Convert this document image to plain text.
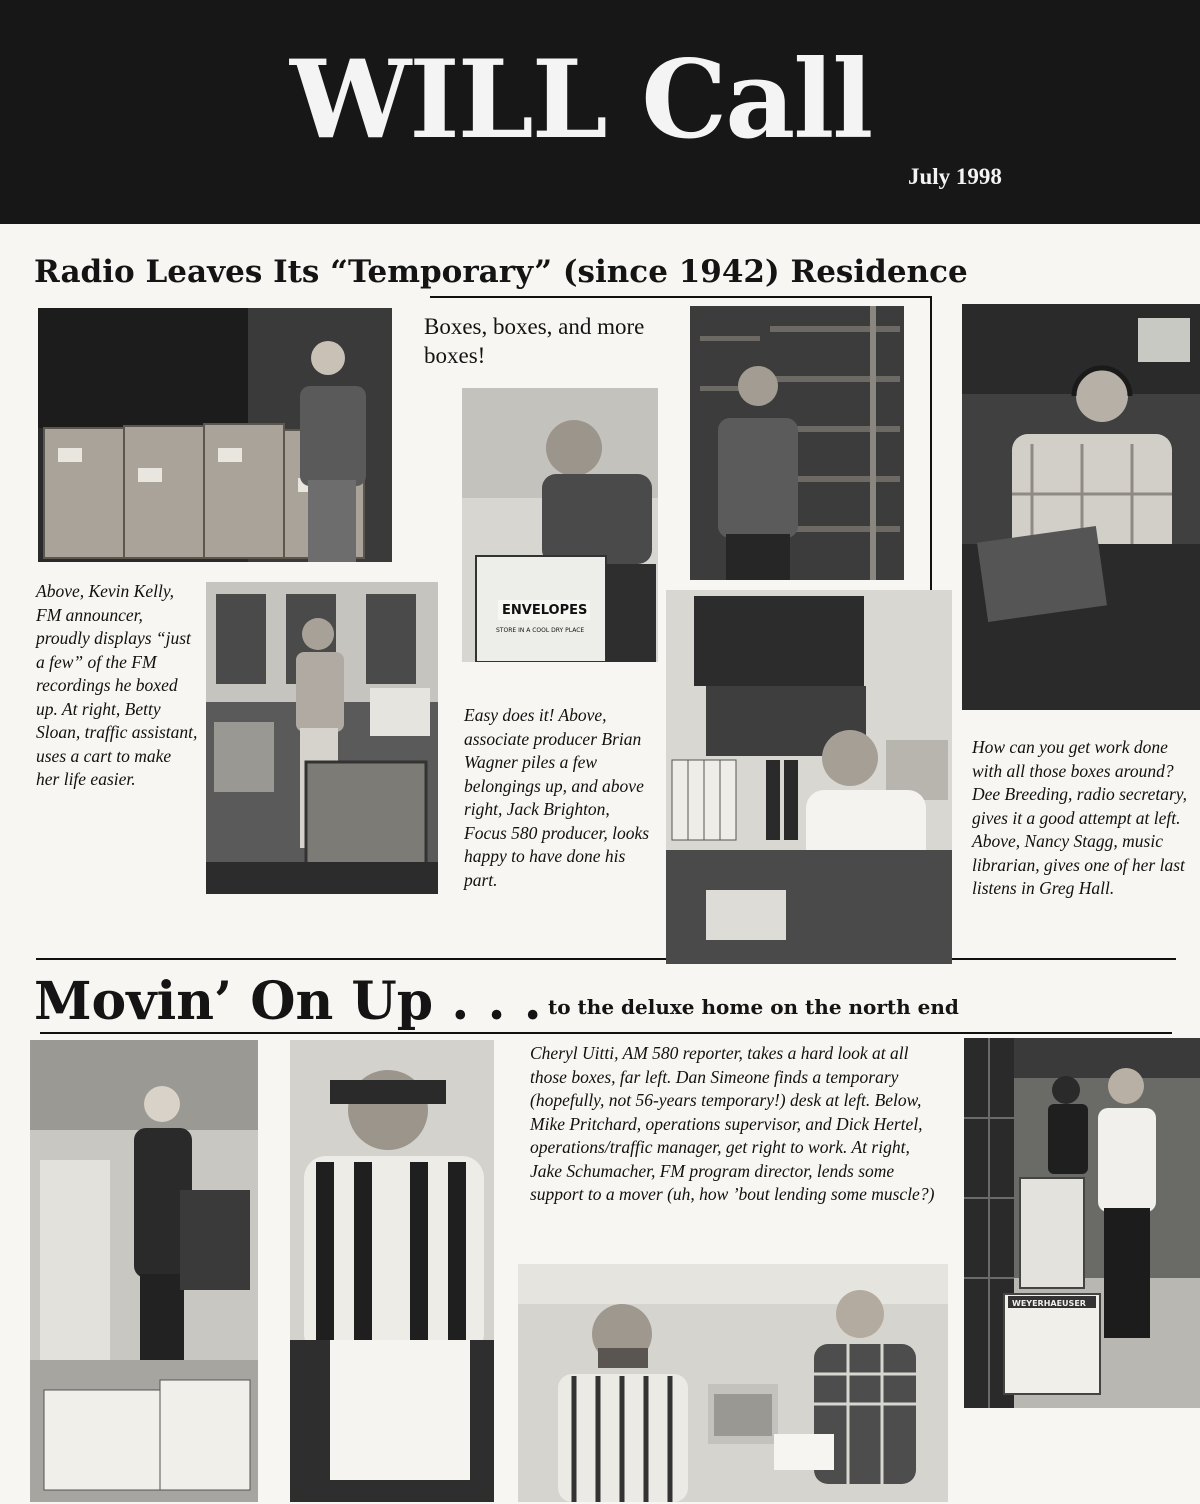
WILL Call
July 1998
Radio Leaves Its “Temporary” (since 1942) Residence
Boxes, boxes, and more boxes!
ENVELOPES
STORE IN A COOL DRY PLACE
Above, Kevin Kelly, FM announcer, proudly displays “just a few” of the FM recordings he boxed up. At right, Betty Sloan, traffic assistant, uses a cart to make her life easier.
Easy does it! Above, associate producer Brian Wagner piles a few belongings up, and above right, Jack Brighton, Focus 580 producer, looks happy to have done his part.
How can you get work done with all those boxes around? Dee Breeding, radio secretary, gives it a good attempt at left. Above, Nancy Stagg, music librarian, gives one of her last listens in Greg Hall.
Movin’ On Up . . . to the deluxe home on the north end
Cheryl Uitti, AM 580 reporter, takes a hard look at all those boxes, far left. Dan Simeone finds a temporary (hopefully, not 56-years temporary!) desk at left. Below, Mike Pritchard, operations supervisor, and Dick Hertel, operations/traffic manager, get right to work. At right, Jake Schumacher, FM program director, lends some support to a mover (uh, how ’bout lending some muscle?)
WEYERHAEUSER
